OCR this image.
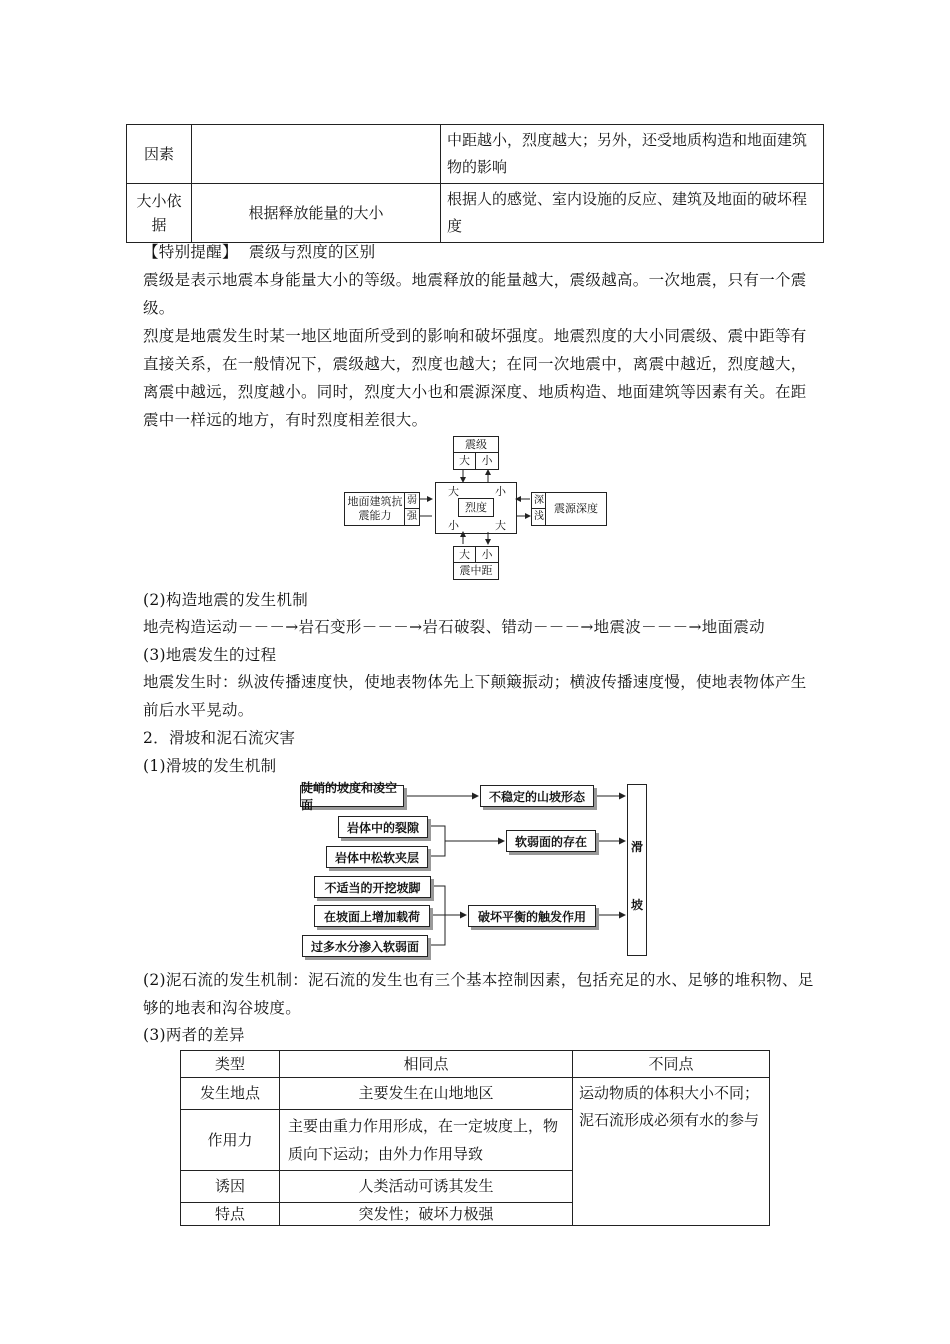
因素		中距越小，烈度越大；另外，还受地质构造和地面建筑物的影响
大小依据	根据释放能量的大小	根据人的感觉、室内设施的反应、建筑及地面的破坏程度
【特别提醒】 震级与烈度的区别
震级是表示地震本身能量大小的等级。地震释放的能量越大，震级越高。一次地震，只有一个震级。
烈度是地震发生时某一地区地面所受到的影响和破坏强度。地震烈度的大小同震级、震中距等有直接关系，在一般情况下，震级越大，烈度也越大；在同一次地震中，离震中越近，烈度越大，离震中越远，烈度越小。同时，烈度大小也和震源深度、地质构造、地面建筑等因素有关。在距震中一样远的地方，有时烈度相差很大。
震级
大	小
大	小
小	大
烈度
地面建筑抗震能力
弱
强
深
浅
震源深度
大	小
震中距
(2)构造地震的发生机制
地壳构造运动－－－→岩石变形－－－→岩石破裂、错动－－－→地震波－－－→地面震动
(3)地震发生的过程
地震发生时：纵波传播速度快，使地表物体先上下颠簸振动；横波传播速度慢，使地表物体产生前后水平晃动。
2．滑坡和泥石流灾害
(1)滑坡的发生机制
陡峭的坡度和凌空面
不稳定的山坡形态
岩体中的裂隙
岩体中松软夹层
软弱面的存在
不适当的开挖坡脚
在坡面上增加载荷
过多水分渗入软弱面
破坏平衡的触发作用
滑
坡
(2)泥石流的发生机制：泥石流的发生也有三个基本控制因素，包括充足的水、足够的堆积物、足够的地表和沟谷坡度。
(3)两者的差异
类型	相同点	不同点
发生地点	主要发生在山地地区	运动物质的体积大小不同；泥石流形成必须有水的参与
作用力	主要由重力作用形成，在一定坡度上，物质向下运动；由外力作用导致	
诱因	人类活动可诱其发生	
特点	突发性；破坏力极强	
